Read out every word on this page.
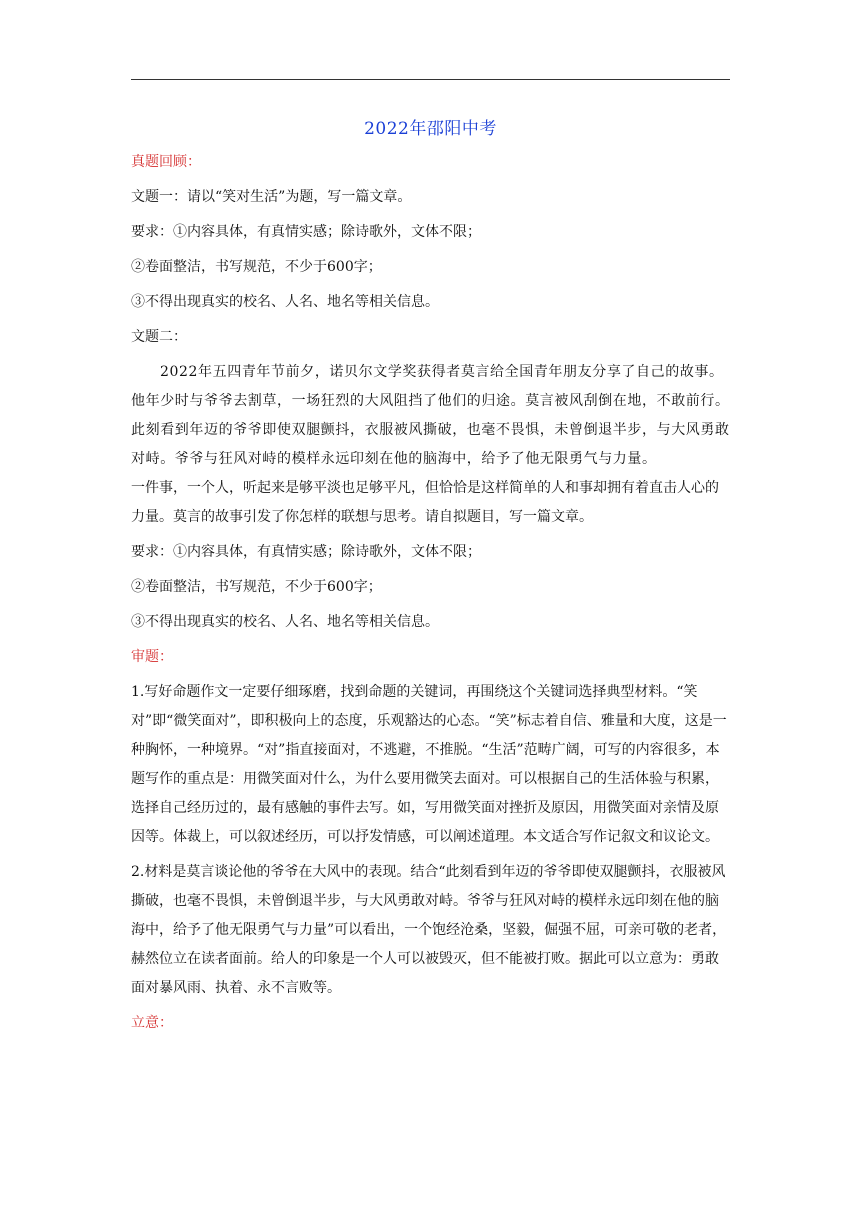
2022年邵阳中考

真题回顾：

文题一：请以“笑对生活”为题，写一篇文章。

要求：①内容具体，有真情实感；除诗歌外，文体不限；

②卷面整洁，书写规范，不少于600字；

③不得出现真实的校名、人名、地名等相关信息。

文题二：

2022年五四青年节前夕，诺贝尔文学奖获得者莫言给全国青年朋友分享了自己的故事。他年少时与爷爷去割草，一场狂烈的大风阻挡了他们的归途。莫言被风刮倒在地，不敢前行。此刻看到年迈的爷爷即使双腿颤抖，衣服被风撕破，也毫不畏惧，未曾倒退半步，与大风勇敢对峙。爷爷与狂风对峙的模样永远印刻在他的脑海中，给予了他无限勇气与力量。

一件事，一个人，听起来是够平淡也足够平凡，但恰恰是这样简单的人和事却拥有着直击人心的力量。莫言的故事引发了你怎样的联想与思考。请自拟题目，写一篇文章。

要求：①内容具体，有真情实感；除诗歌外，文体不限；

②卷面整洁，书写规范，不少于600字；

③不得出现真实的校名、人名、地名等相关信息。

审题：

1.写好命题作文一定要仔细琢磨，找到命题的关键词，再围绕这个关键词选择典型材料。“笑对”即“微笑面对”，即积极向上的态度，乐观豁达的心态。“笑”标志着自信、雅量和大度，这是一种胸怀，一种境界。“对”指直接面对，不逃避，不推脱。“生活”范畴广阔，可写的内容很多，本题写作的重点是：用微笑面对什么，为什么要用微笑去面对。可以根据自己的生活体验与积累，选择自己经历过的，最有感触的事件去写。如，写用微笑面对挫折及原因，用微笑面对亲情及原因等。体裁上，可以叙述经历，可以抒发情感，可以阐述道理。本文适合写作记叙文和议论文。

2.材料是莫言谈论他的爷爷在大风中的表现。结合“此刻看到年迈的爷爷即使双腿颤抖，衣服被风撕破，也毫不畏惧，未曾倒退半步，与大风勇敢对峙。爷爷与狂风对峙的模样永远印刻在他的脑海中，给予了他无限勇气与力量”可以看出，一个饱经沧桑，坚毅，倔强不屈，可亲可敬的老者，赫然位立在读者面前。给人的印象是一个人可以被毁灭，但不能被打败。据此可以立意为：勇敢面对暴风雨、执着、永不言败等。

立意：
